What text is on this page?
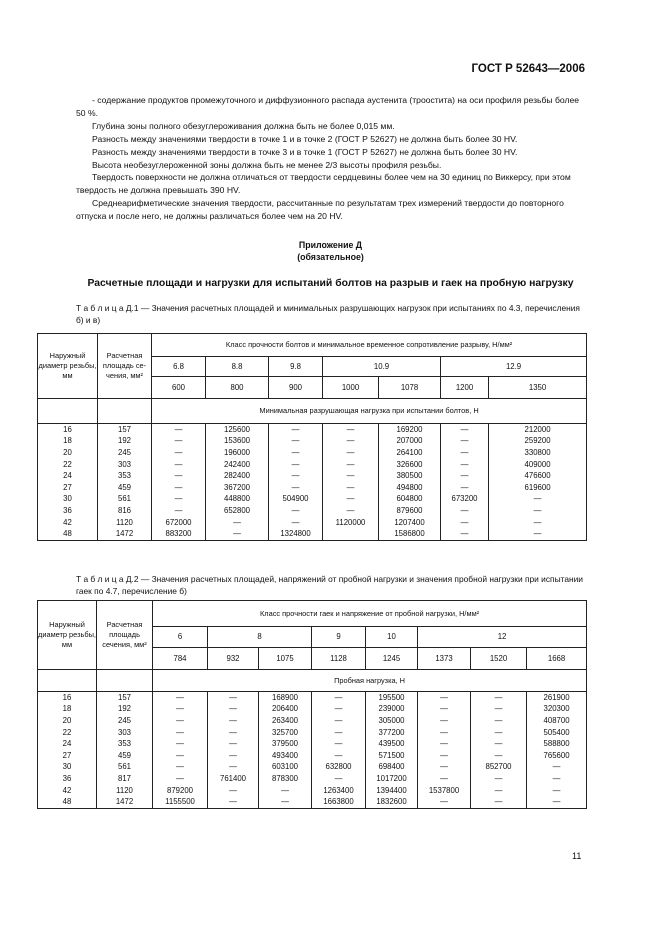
ГОСТ Р 52643—2006

- содержание продуктов промежуточного и диффузионного распада аустенита (троостита) на оси профиля резьбы более 50 %.

Глубина зоны полного обезуглероживания должна быть не более 0,015 мм.

Разность между значениями твердости в точке 1 и в точке 2 (ГОСТ Р 52627) не должна быть более 30 HV.

Разность между значениями твердости в точке 3 и в точке 1 (ГОСТ Р 52627) не должна быть более 30 HV.

Высота необезуглероженной зоны должна быть не менее 2/3 высоты профиля резьбы.

Твердость поверхности не должна отличаться от твердости сердцевины более чем на 30 единиц по Виккерсу, при этом твердость не должна превышать 390 HV.

Среднеарифметические значения твердости, рассчитанные по результатам трех измерений твердости до повторного отпуска и после него, не должны различаться более чем на 20 HV.

Приложение Д
(обязательное)
Расчетные площади и нагрузки для испытаний болтов на разрыв и гаек на пробную нагрузку
Т а б л и ц а Д.1 — Значения расчетных площадей и минимальных разрушающих нагрузок при испытаниях по 4.3, перечисления б) и в)
Наружный диаметр резьбы, мм	Расчетная площадь се-чения, мм²	Класс прочности болтов и минимальное временное сопротивление разрыву, Н/мм²						
		6.8	8.8	9.8	10.9		12.9	
		600	800	900	1000	1078	1200	1350
		Минимальная разрушающая нагрузка при испытании болтов, Н						
16	157	—	125600	—	—	169200	—	212000
18	192	—	153600	—	—	207000	—	259200
20	245	—	196000	—	—	264100	—	330800
22	303	—	242400	—	—	326600	—	409000
24	353	—	282400	—	—	380500	—	476600
27	459	—	367200	—	—	494800	—	619600
30	561	—	448800	504900	—	604800	673200	—
36	816	—	652800	—	—	879600	—	—
42	1120	672000	—	—	1120000	1207400	—	—
48	1472	883200	—	1324800		1586800	—	—
Т а б л и ц а Д.2 — Значения расчетных площадей, напряжений от пробной нагрузки и значения пробной нагрузки при испытании гаек по 4.7, перечисление б)
Наружный диаметр резьбы, мм	Расчетная площадь сечения, мм²	Класс прочности гаек и напряжение от пробной нагрузки, Н/мм²							
		6	8		9	10	12		
		784	932	1075	1128	1245	1373	1520	1668
		Пробная нагрузка, Н							
16	157	—	—	168900	—	195500	—	—	261900
18	192	—	—	206400	—	239000	—	—	320300
20	245	—	—	263400	—	305000	—	—	408700
22	303	—	—	325700	—	377200	—	—	505400
24	353	—	—	379500	—	439500	—	—	588800
27	459	—	—	493400	—	571500	—	—	765600
30	561	—	—	603100	632800	698400	—	852700	—
36	817	—	761400	878300	—	1017200	—	—	—
42	1120	879200	—	—	1263400	1394400	1537800	—	—
48	1472	1155500	—	—	1663800	1832600	—	—	—
11
